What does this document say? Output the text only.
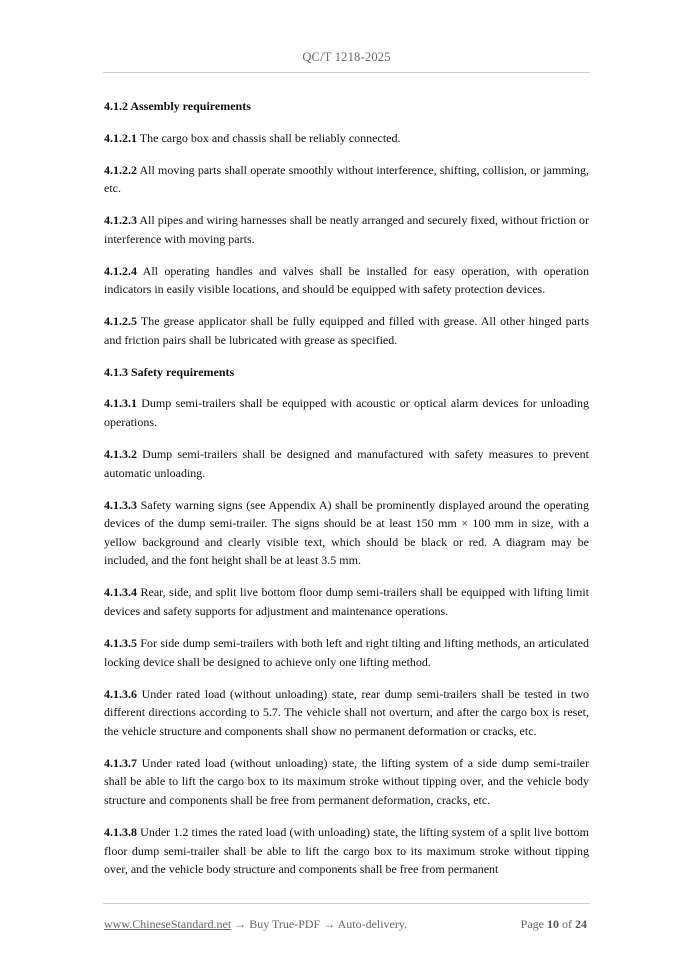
QC/T 1218-2025
4.1.2 Assembly requirements
4.1.2.1 The cargo box and chassis shall be reliably connected.
4.1.2.2 All moving parts shall operate smoothly without interference, shifting, collision, or jamming, etc.
4.1.2.3 All pipes and wiring harnesses shall be neatly arranged and securely fixed, without friction or interference with moving parts.
4.1.2.4 All operating handles and valves shall be installed for easy operation, with operation indicators in easily visible locations, and should be equipped with safety protection devices.
4.1.2.5 The grease applicator shall be fully equipped and filled with grease. All other hinged parts and friction pairs shall be lubricated with grease as specified.
4.1.3 Safety requirements
4.1.3.1 Dump semi-trailers shall be equipped with acoustic or optical alarm devices for unloading operations.
4.1.3.2 Dump semi-trailers shall be designed and manufactured with safety measures to prevent automatic unloading.
4.1.3.3 Safety warning signs (see Appendix A) shall be prominently displayed around the operating devices of the dump semi-trailer. The signs should be at least 150 mm × 100 mm in size, with a yellow background and clearly visible text, which should be black or red. A diagram may be included, and the font height shall be at least 3.5 mm.
4.1.3.4 Rear, side, and split live bottom floor dump semi-trailers shall be equipped with lifting limit devices and safety supports for adjustment and maintenance operations.
4.1.3.5 For side dump semi-trailers with both left and right tilting and lifting methods, an articulated locking device shall be designed to achieve only one lifting method.
4.1.3.6 Under rated load (without unloading) state, rear dump semi-trailers shall be tested in two different directions according to 5.7. The vehicle shall not overturn, and after the cargo box is reset, the vehicle structure and components shall show no permanent deformation or cracks, etc.
4.1.3.7 Under rated load (without unloading) state, the lifting system of a side dump semi-trailer shall be able to lift the cargo box to its maximum stroke without tipping over, and the vehicle body structure and components shall be free from permanent deformation, cracks, etc.
4.1.3.8 Under 1.2 times the rated load (with unloading) state, the lifting system of a split live bottom floor dump semi-trailer shall be able to lift the cargo box to its maximum stroke without tipping over, and the vehicle body structure and components shall be free from permanent
www.ChineseStandard.net → Buy True-PDF → Auto-delivery.	Page 10 of 24
